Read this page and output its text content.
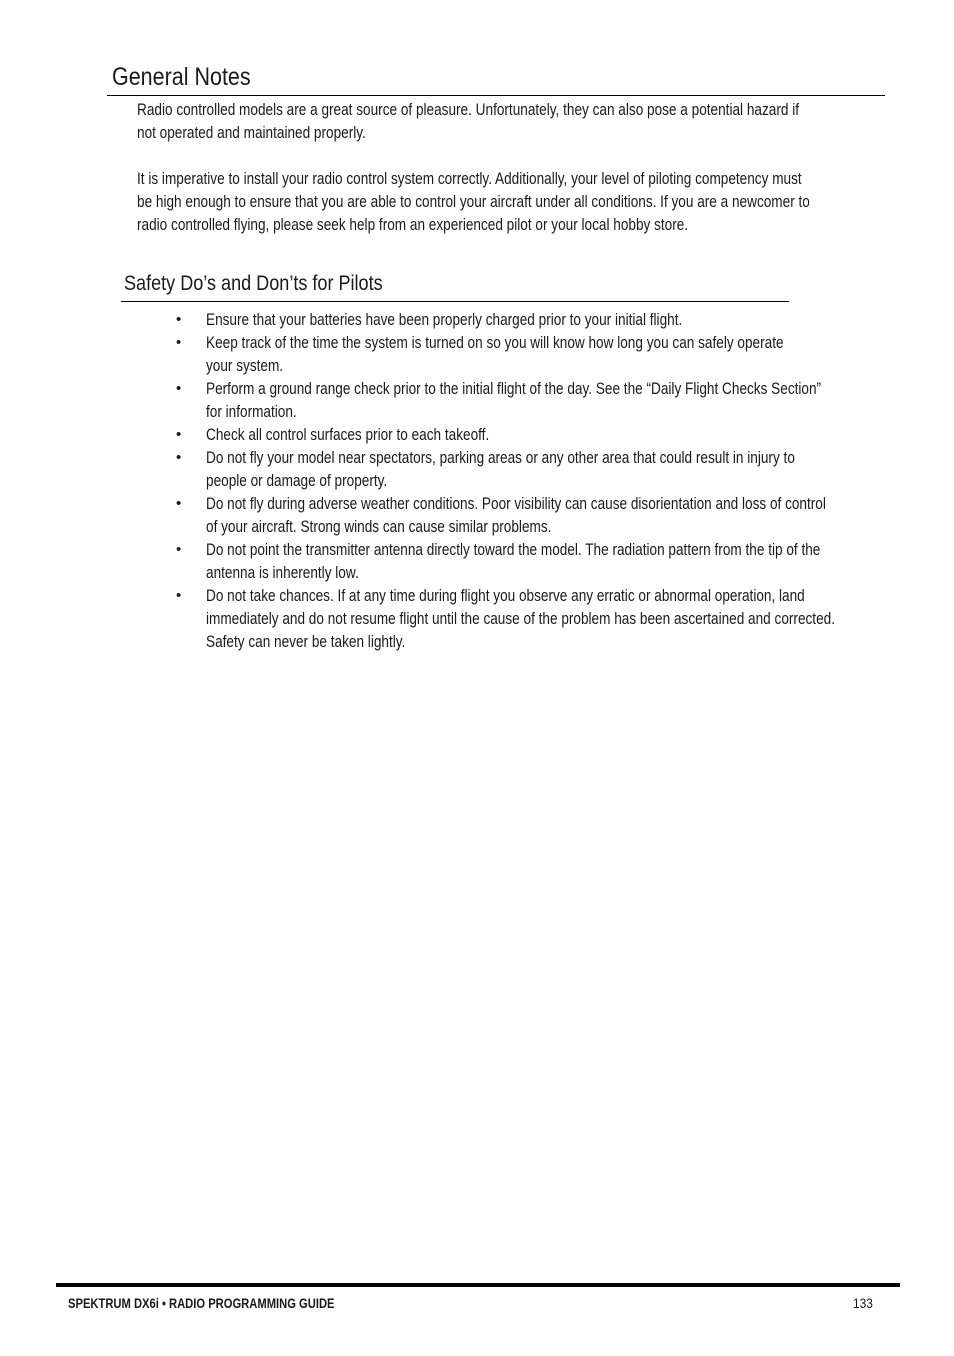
General Notes
Radio controlled models are a great source of pleasure. Unfortunately, they can also pose a potential hazard if
not operated and maintained properly.
It is imperative to install your radio control system correctly. Additionally, your level of piloting competency must
be high enough to ensure that you are able to control your aircraft under all conditions. If you are a newcomer to
radio controlled flying, please seek help from an experienced pilot or your local hobby store.
Safety Do’s and Don’ts for Pilots
• Ensure that your batteries have been properly charged prior to your initial flight.
• Keep track of the time the system is turned on so you will know how long you can safely operate
your system.
• Perform a ground range check prior to the initial flight of the day. See the “Daily Flight Checks Section”
for information.
• Check all control surfaces prior to each takeoff.
• Do not fly your model near spectators, parking areas or any other area that could result in injury to
people or damage of property.
• Do not fly during adverse weather conditions. Poor visibility can cause disorientation and loss of control
of your aircraft. Strong winds can cause similar problems.
• Do not point the transmitter antenna directly toward the model. The radiation pattern from the tip of the
antenna is inherently low.
• Do not take chances. If at any time during flight you observe any erratic or abnormal operation, land
immediately and do not resume flight until the cause of the problem has been ascertained and corrected.
Safety can never be taken lightly.
SPEKTRUM DX6i • RADIO PROGRAMMING GUIDE	133
